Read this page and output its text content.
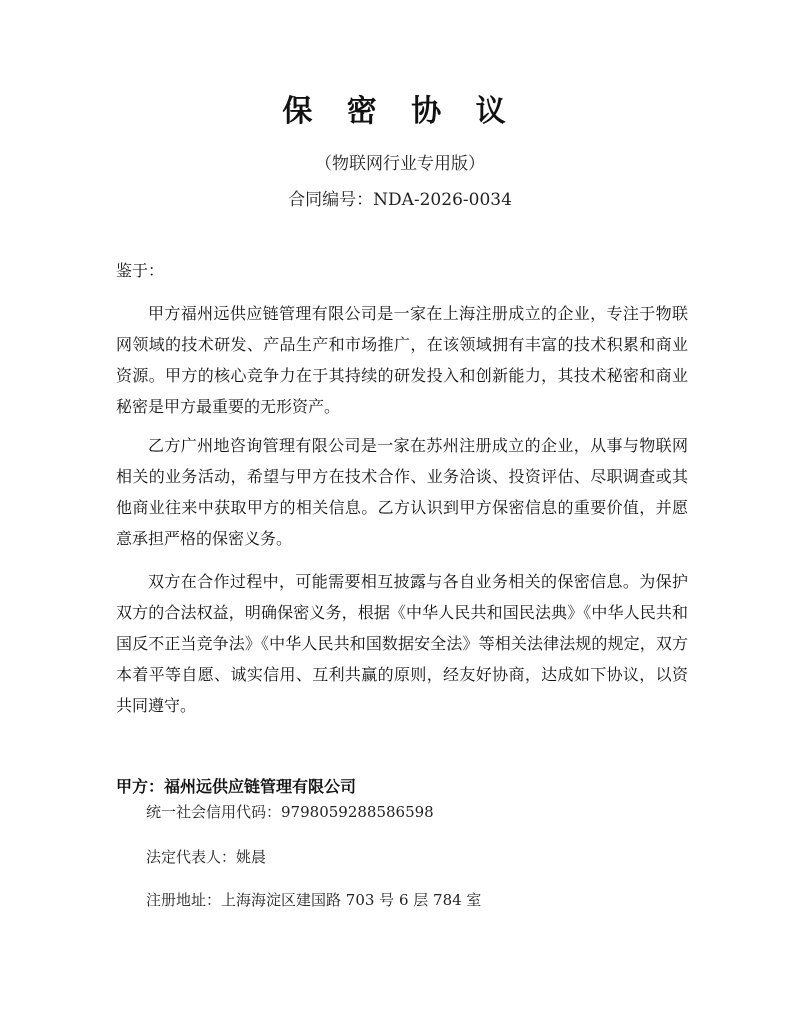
保 密 协 议
（物联网行业专用版）
合同编号：NDA-2026-0034
鉴于：
甲方福州远供应链管理有限公司是一家在上海注册成立的企业，专注于物联网领域的技术研发、产品生产和市场推广，在该领域拥有丰富的技术积累和商业资源。甲方的核心竞争力在于其持续的研发投入和创新能力，其技术秘密和商业秘密是甲方最重要的无形资产。
乙方广州地咨询管理有限公司是一家在苏州注册成立的企业，从事与物联网相关的业务活动，希望与甲方在技术合作、业务洽谈、投资评估、尽职调查或其他商业往来中获取甲方的相关信息。乙方认识到甲方保密信息的重要价值，并愿意承担严格的保密义务。
双方在合作过程中，可能需要相互披露与各自业务相关的保密信息。为保护双方的合法权益，明确保密义务，根据《中华人民共和国民法典》《中华人民共和国反不正当竞争法》《中华人民共和国数据安全法》等相关法律法规的规定，双方本着平等自愿、诚实信用、互利共赢的原则，经友好协商，达成如下协议，以资共同遵守。
甲方：福州远供应链管理有限公司
统一社会信用代码：9798059288586598
法定代表人：姚晨
注册地址：上海海淀区建国路 703 号 6 层 784 室
